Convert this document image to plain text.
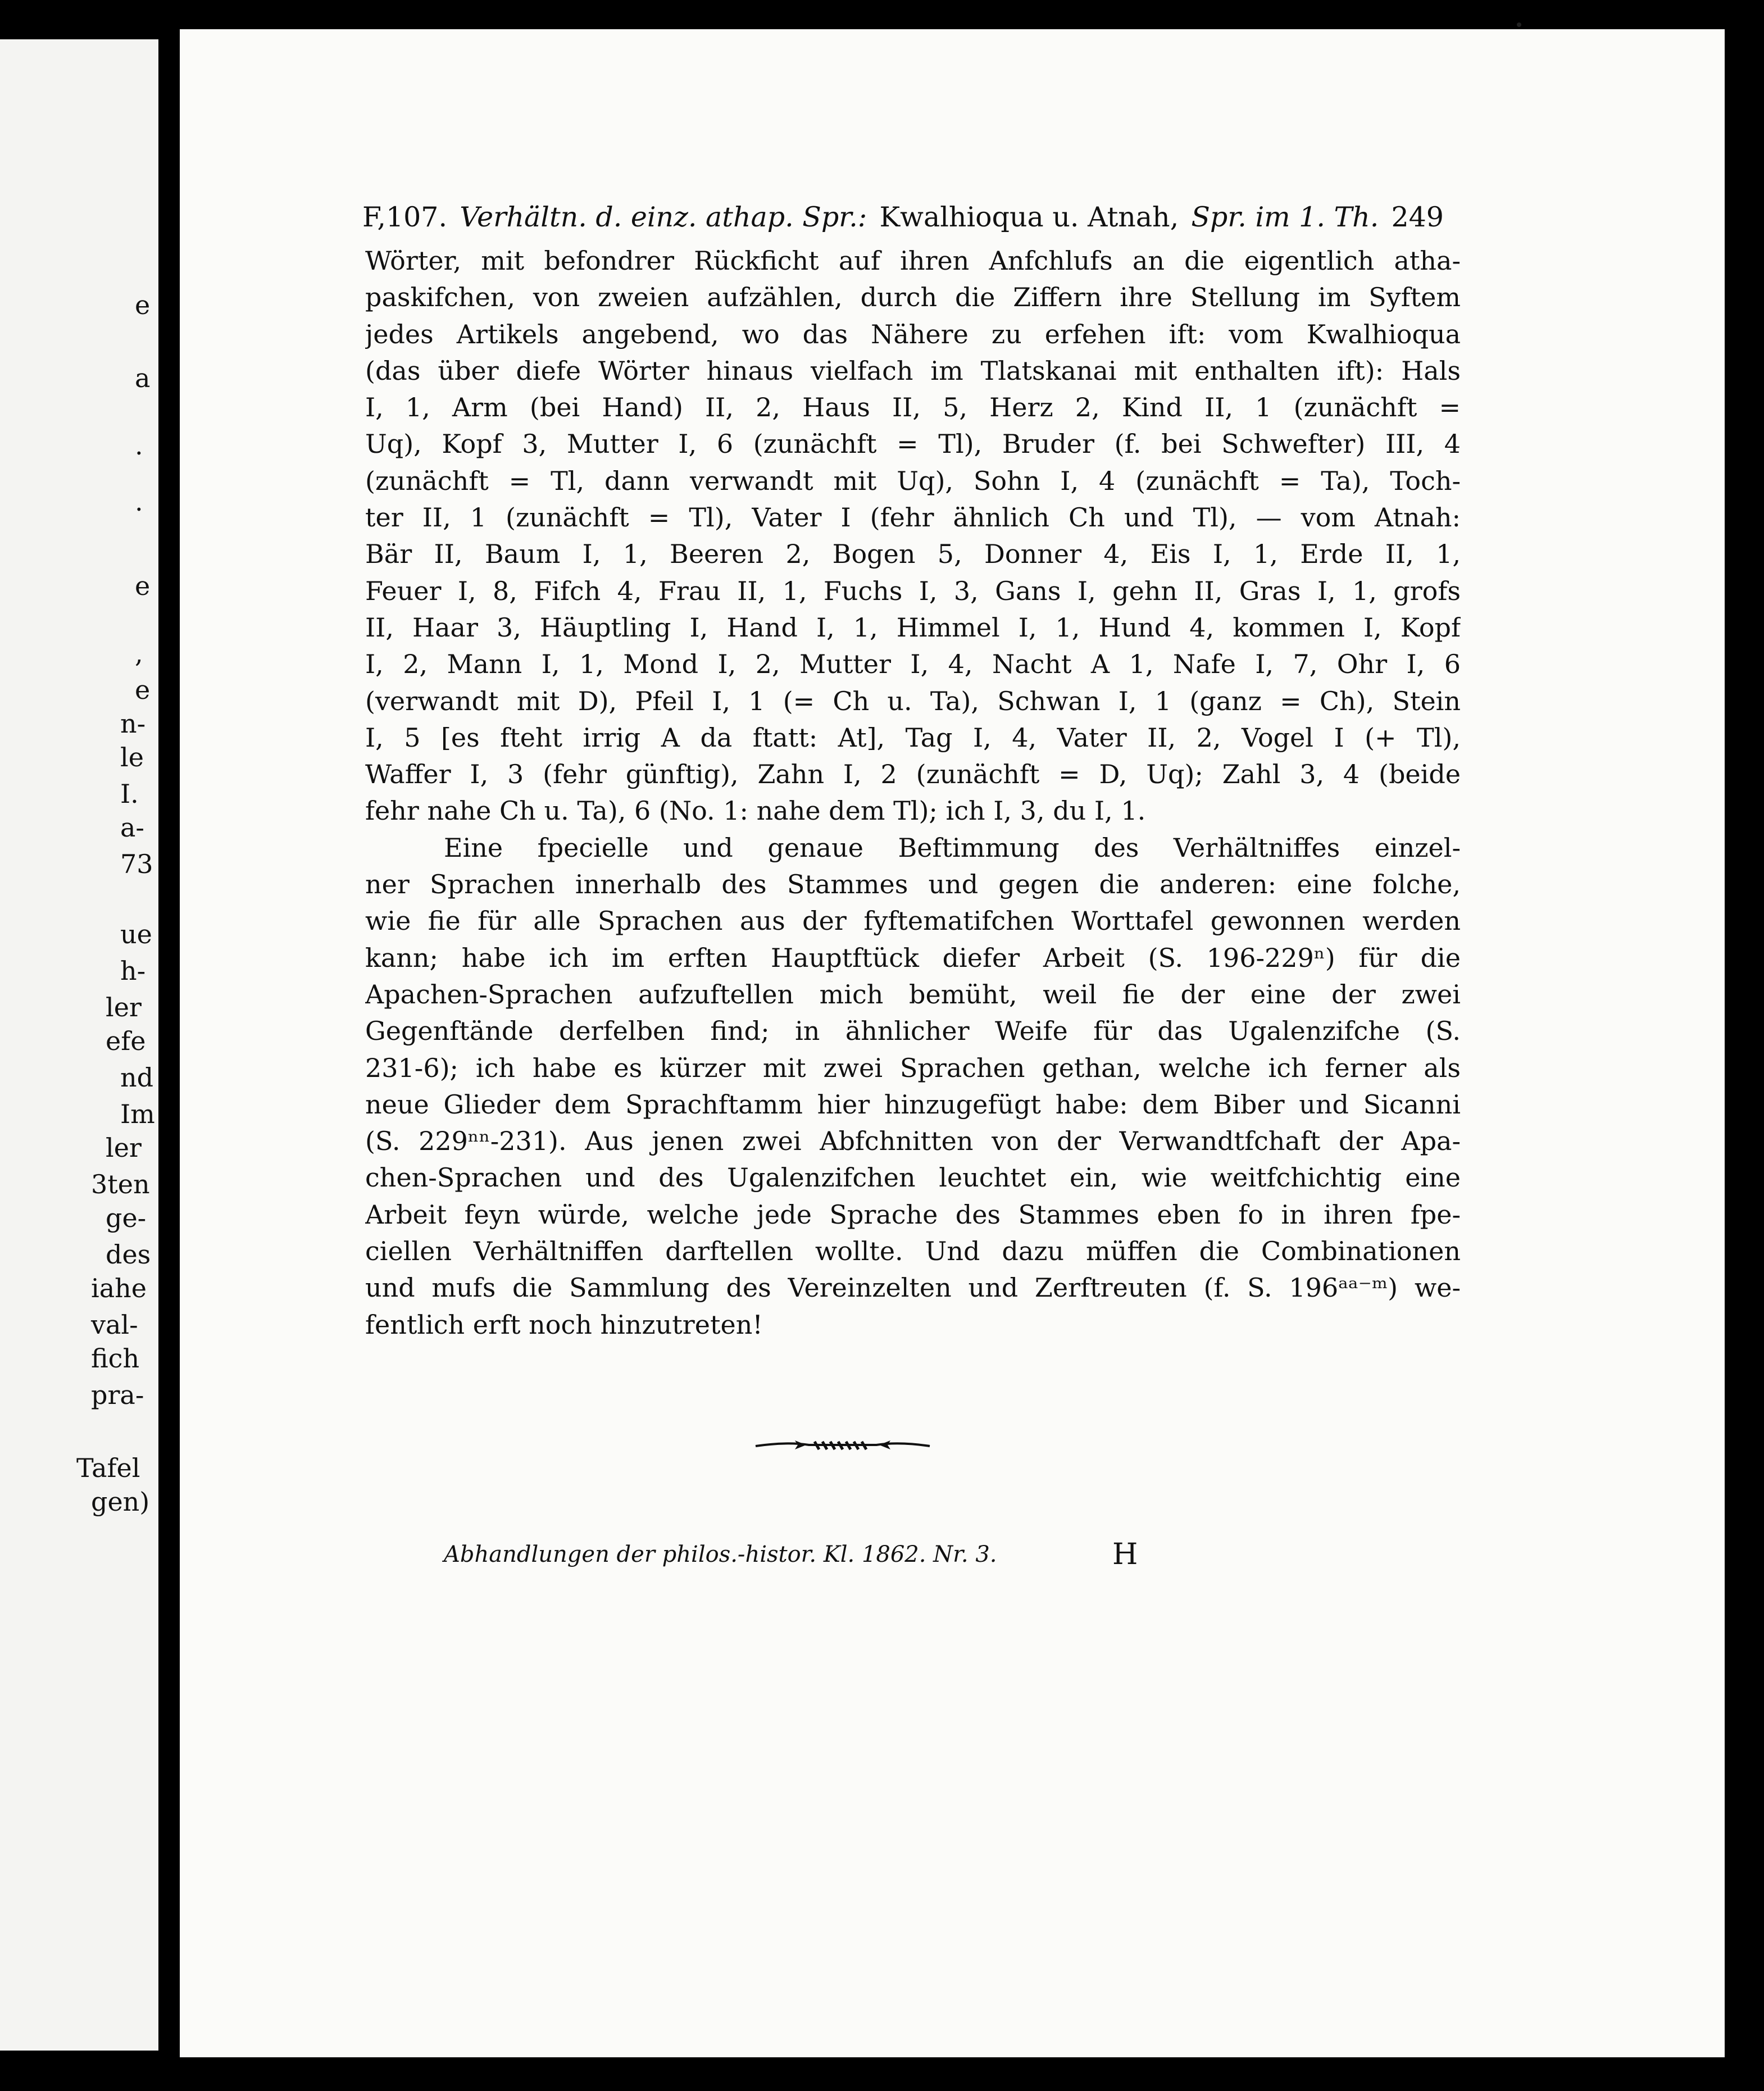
e
a
.
.
e
,
e
n-
le
I.
a-
73
ue
h-
ler
efe
nd
Im
ler
3ten
ge-
des
iahe
val-
fich
pra-
Tafel
gen)
F,107. Verhältn. d. einz. athap. Spr.: Kwalhioqua u. Atnah, Spr. im 1. Th. 249
Wörter, mit befondrer Rückficht auf ihren Anfchlufs an die eigentlich atha-
paskifchen, von zweien aufzählen, durch die Ziffern ihre Stellung im Syftem
jedes Artikels angebend, wo das Nähere zu erfehen ift: vom Kwalhioqua
(das über diefe Wörter hinaus vielfach im Tlatskanai mit enthalten ift): Hals
I, 1, Arm (bei Hand) II, 2, Haus II, 5, Herz 2, Kind II, 1 (zunächft =
Uq), Kopf 3, Mutter I, 6 (zunächft = Tl), Bruder (f. bei Schwefter) III, 4
(zunächft = Tl, dann verwandt mit Uq), Sohn I, 4 (zunächft = Ta), Toch-
ter II, 1 (zunächft = Tl), Vater I (fehr ähnlich Ch und Tl), — vom Atnah:
Bär II, Baum I, 1, Beeren 2, Bogen 5, Donner 4, Eis I, 1, Erde II, 1,
Feuer I, 8, Fifch 4, Frau II, 1, Fuchs I, 3, Gans I, gehn II, Gras I, 1, grofs
II, Haar 3, Häuptling I, Hand I, 1, Himmel I, 1, Hund 4, kommen I, Kopf
I, 2, Mann I, 1, Mond I, 2, Mutter I, 4, Nacht A 1, Nafe I, 7, Ohr I, 6
(verwandt mit D), Pfeil I, 1 (= Ch u. Ta), Schwan I, 1 (ganz = Ch), Stein
I, 5 [es fteht irrig A da ftatt: At], Tag I, 4, Vater II, 2, Vogel I (+ Tl),
Waffer I, 3 (fehr günftig), Zahn I, 2 (zunächft = D, Uq); Zahl 3, 4 (beide
fehr nahe Ch u. Ta), 6 (No. 1: nahe dem Tl); ich I, 3, du I, 1.
Eine fpecielle und genaue Beftimmung des Verhältniffes einzel-
ner Sprachen innerhalb des Stammes und gegen die anderen: eine folche,
wie fie für alle Sprachen aus der fyftematifchen Worttafel gewonnen werden
kann; habe ich im erften Hauptftück diefer Arbeit (S. 196-229ⁿ) für die
Apachen-Sprachen aufzuftellen mich bemüht, weil fie der eine der zwei
Gegenftände derfelben find; in ähnlicher Weife für das Ugalenzifche (S.
231-6); ich habe es kürzer mit zwei Sprachen gethan, welche ich ferner als
neue Glieder dem Sprachftamm hier hinzugefügt habe: dem Biber und Sicanni
(S. 229ⁿⁿ-231). Aus jenen zwei Abfchnitten von der Verwandtfchaft der Apa-
chen-Sprachen und des Ugalenzifchen leuchtet ein, wie weitfchichtig eine
Arbeit feyn würde, welche jede Sprache des Stammes eben fo in ihren fpe-
ciellen Verhältniffen darftellen wollte. Und dazu müffen die Combinationen
und mufs die Sammlung des Vereinzelten und Zerftreuten (f. S. 196ᵃᵃ⁻ᵐ) we-
fentlich erft noch hinzutreten!
Abhandlungen der philos.-histor. Kl. 1862. Nr. 3.	H
